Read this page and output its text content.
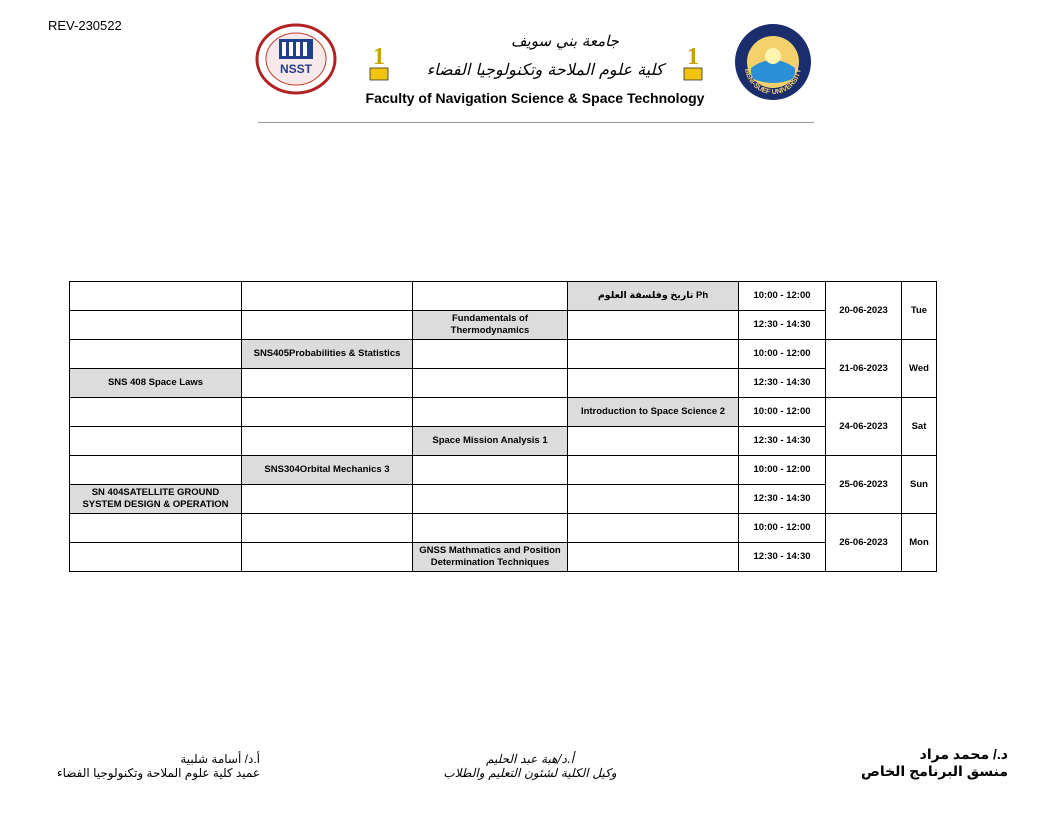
REV-230522
NSST	1
جامعة بني سويف
كلية علوم الملاحة وتكنولوجيا الفضاء
Faculty of Navigation Science & Space Technology
1
BENI-SUEF UNIVERSITY
			تاريخ وفلسفة العلوم Ph	10:00 - 12:00	20-06-2023	Tue
		Fundamentals of Thermodynamics		12:30 - 14:30		
	SNS405Probabilities & Statistics			10:00 - 12:00	21-06-2023	Wed
SNS 408 Space Laws				12:30 - 14:30		
			Introduction to Space Science 2	10:00 - 12:00	24-06-2023	Sat
		Space Mission Analysis 1		12:30 - 14:30		
	SNS304Orbital Mechanics 3			10:00 - 12:00	25-06-2023	Sun
SN 404SATELLITE GROUND SYSTEM DESIGN & OPERATION				12:30 - 14:30		
				10:00 - 12:00	26-06-2023	Mon
		GNSS Mathmatics and Position Determination Techniques		12:30 - 14:30		
د./ محمد مراد
منسق البرنامج الخاص
أ.د/هبة عبد الحليم
وكيل الكلية لشئون التعليم والطلاب
أ.د/ أسامة شلبية
عميد كلية علوم الملاحة وتكنولوجيا الفضاء
